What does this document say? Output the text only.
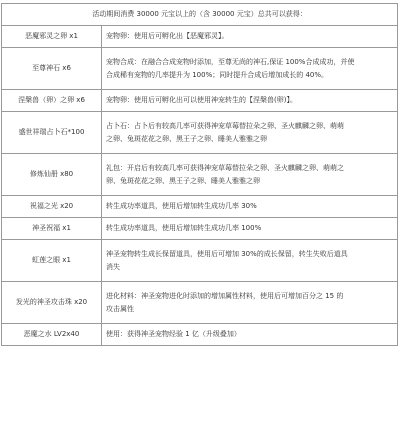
活动期间消费 30000 元宝以上的（含 30000 元宝）总共可以获得：	
恶魔邪灵之卵 x1	宠物卵：使用后可孵化出【恶魔邪灵】。

至尊神石 x6	宠物合成：在融合合成宠物时添加，至尊无尚的神石,保证 100%合成成功，并使
合成稀有宠物的几率提升为 100%；同时提升合成后增加成长的 40%。

涅槃兽（卵）之卵 x6	宠物卵：使用后可孵化出可以使用神宠转生的【涅槃兽(卵)】。

盛世祥瑞占卜石*100	占卜石：占卜后有较高几率可获得神宠草莓替拉朵之卵、圣火麒麟之卵、萌萌
之卵、兔斑花花之卵、黑王子之卵、睡美人雅雅之卵

修炼仙册 x80	礼包：开启后有较高几率可获得神宠草莓替拉朵之卵、圣火麒麟之卵、萌萌之
卵、兔斑花花之卵、黑王子之卵、睡美人雅雅之卵

祝福之光 x20	转生成功率道具，使用后增加转生成功几率 30%

神圣祝福 x1	转生成功率道具，使用后增加转生成功几率 100%

虹莲之眼 x1	神圣宠物转生成长保留道具，使用后可增加 30%的成长保留，转生失败后道具
消失

发光的神圣攻击珠 x20	进化材料：神圣宠物进化时添加的增加属性材料，使用后可增加百分之 15 的
攻击属性

恶魔之水 LV2x40	使用：获得神圣宠物经验 1 亿（升级叠加）
